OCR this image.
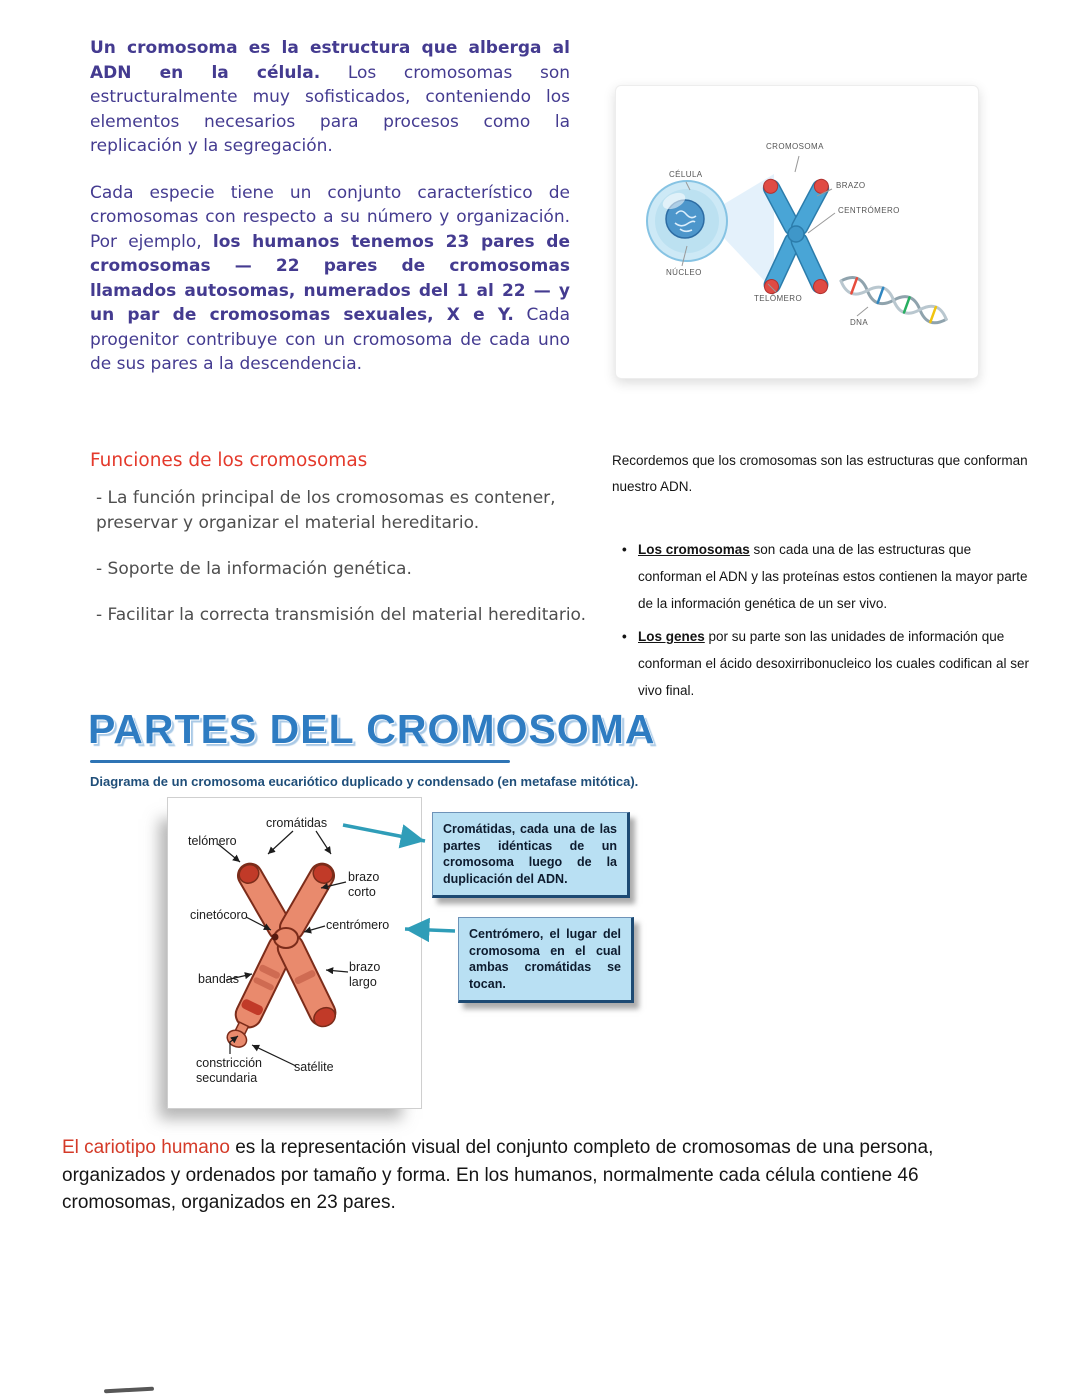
Un cromosoma es la estructura que alberga al ADN en la célula. Los cromosomas son estructuralmente muy sofisticados, conteniendo los elementos necesarios para procesos como la replicación y la segregación.

Cada especie tiene un conjunto característico de cromosomas con respecto a su número y organización. Por ejemplo, los humanos tenemos 23 pares de cromosomas — 22 pares de cromosomas llamados autosomas, numerados del 1 al 22 — y un par de cromosomas sexuales, X e Y. Cada progenitor contribuye con un cromosoma de cada uno de sus pares a la descendencia.

CROMOSOMA
CÉLULA
BRAZO
CENTRÓMERO
NÚCLEO
TELÓMERO
DNA
Funciones de los cromosomas
- La función principal de los cromosomas es contener, preservar y organizar el material hereditario.
- Soporte de la información genética.
- Facilitar la correcta transmisión del material hereditario.
Recordemos que los cromosomas son las estructuras que conforman nuestro ADN.
• Los cromosomas son cada una de las estructuras que conforman el ADN y las proteínas estos contienen la mayor parte de la información genética de un ser vivo.
• Los genes por su parte son las unidades de información que conforman el ácido desoxirribonucleico los cuales codifican al ser vivo final.
PARTES DEL CROMOSOMA
Diagrama de un cromosoma eucariótico duplicado y condensado (en metafase mitótica).
cromátidas
telómero
brazo corto
cinetócoro
centrómero
bandas
brazo largo
constricción secundaria
satélite
Cromátidas, cada una de las partes idénticas de un cromosoma luego de la duplicación del ADN.
Centrómero, el lugar del cromosoma en el cual ambas cromátidas se tocan.
El cariotipo humano es la representación visual del conjunto completo de cromosomas de una persona, organizados y ordenados por tamaño y forma. En los humanos, normalmente cada célula contiene 46 cromosomas, organizados en 23 pares.
